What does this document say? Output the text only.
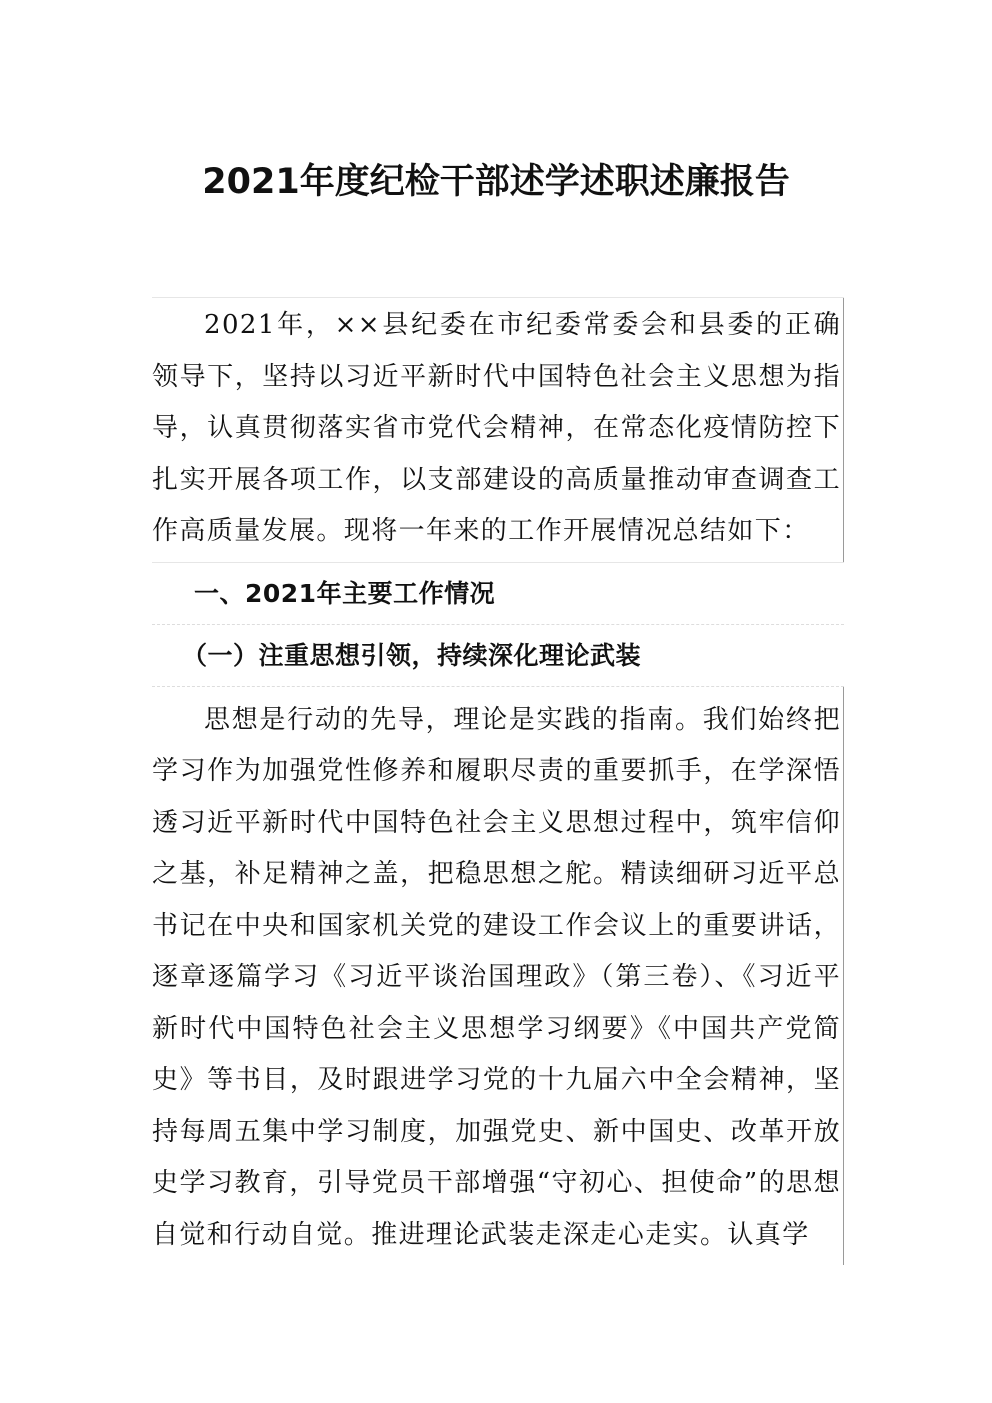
2021年度纪检干部述学述职述廉报告

2021年，××县纪委在市纪委常委会和县委的正确领导下，坚持以习近平新时代中国特色社会主义思想为指导，认真贯彻落实省市党代会精神，在常态化疫情防控下扎实开展各项工作，以支部建设的高质量推动审查调查工作高质量发展。现将一年来的工作开展情况总结如下：

一、2021年主要工作情况
（一）注重思想引领，持续深化理论武装

思想是行动的先导，理论是实践的指南。我们始终把学习作为加强党性修养和履职尽责的重要抓手，在学深悟透习近平新时代中国特色社会主义思想过程中，筑牢信仰之基，补足精神之盖，把稳思想之舵。精读细研习近平总书记在中央和国家机关党的建设工作会议上的重要讲话，逐章逐篇学习《习近平谈治国理政》（第三卷）、《习近平新时代中国特色社会主义思想学习纲要》《中国共产党简史》等书目，及时跟进学习党的十九届六中全会精神，坚持每周五集中学习制度，加强党史、新中国史、改革开放史学习教育，引导党员干部增强“守初心、担使命”的思想自觉和行动自觉。推进理论武装走深走心走实。认真学
